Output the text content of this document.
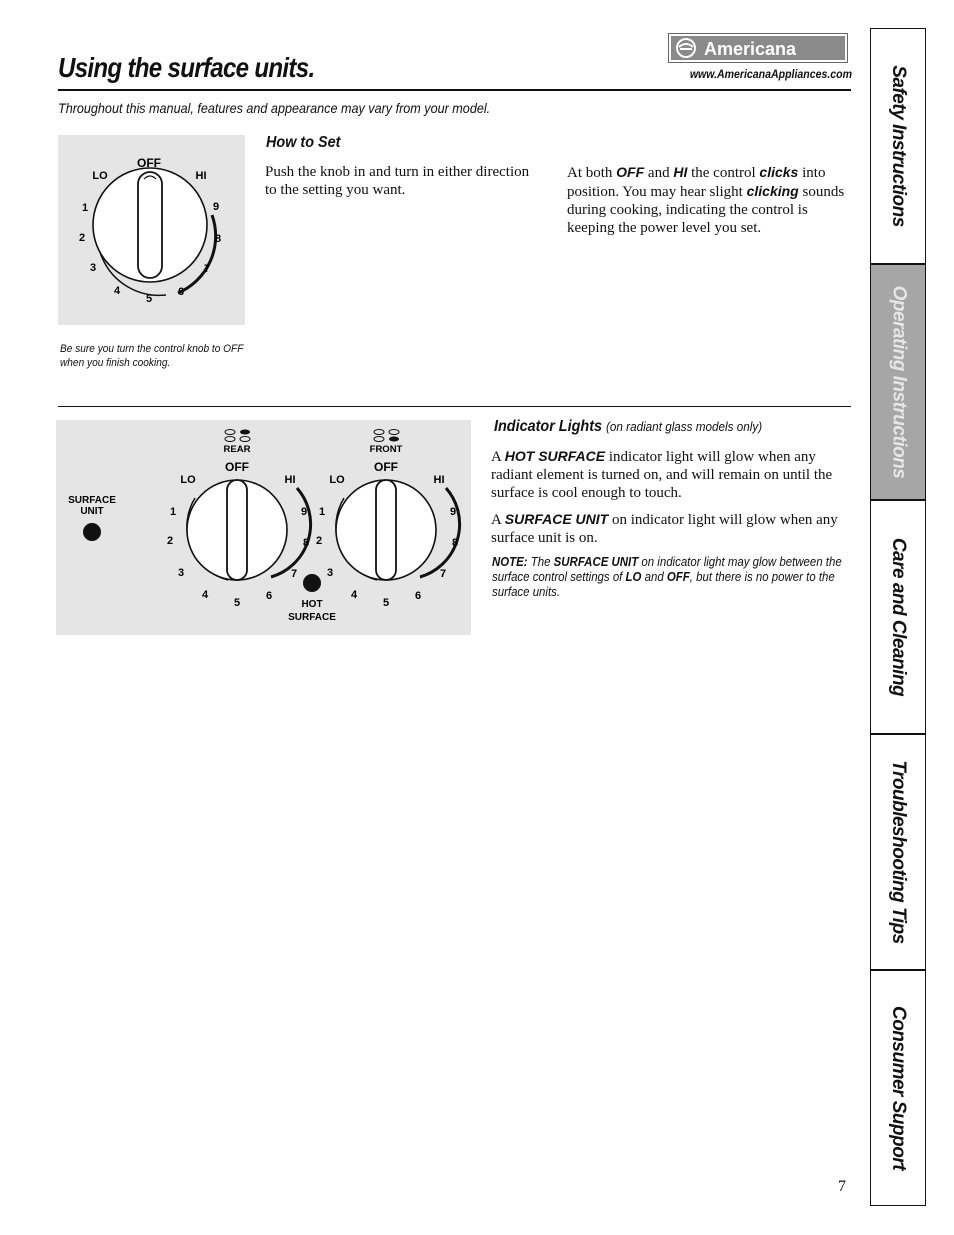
Using the surface units.
Americana
www.AmericanaAppliances.com
Throughout this manual, features and appearance may vary from your model.
OFF
LO	HI
1
2
3
4
5
6
7
8
9
Be sure you turn the control knob to OFF when you finish cooking.
How to Set
Push the knob in and turn in either direction to the setting you want.
At both OFF and HI the control clicks into position. You may hear slight clicking sounds during cooking, indicating the control is keeping the power level you set.
SURFACE
UNIT
REAR	FRONT
OFF
LO	HI
1
2
3
4
5
6
7
8
9
OFF
LO	HI
1
2
3
4
5
6
7
8
9
HOT
SURFACE
Indicator Lights (on radiant glass models only)
A HOT SURFACE indicator light will glow when any radiant element is turned on, and will remain on until the surface is cool enough to touch.
A SURFACE UNIT on indicator light will glow when any surface unit is on.
NOTE: The SURFACE UNIT on indicator light may glow between the surface control settings of LO and OFF, but there is no power to the surface units.
Safety Instructions
Operating Instructions
Care and Cleaning
Troubleshooting Tips
Consumer Support
7
